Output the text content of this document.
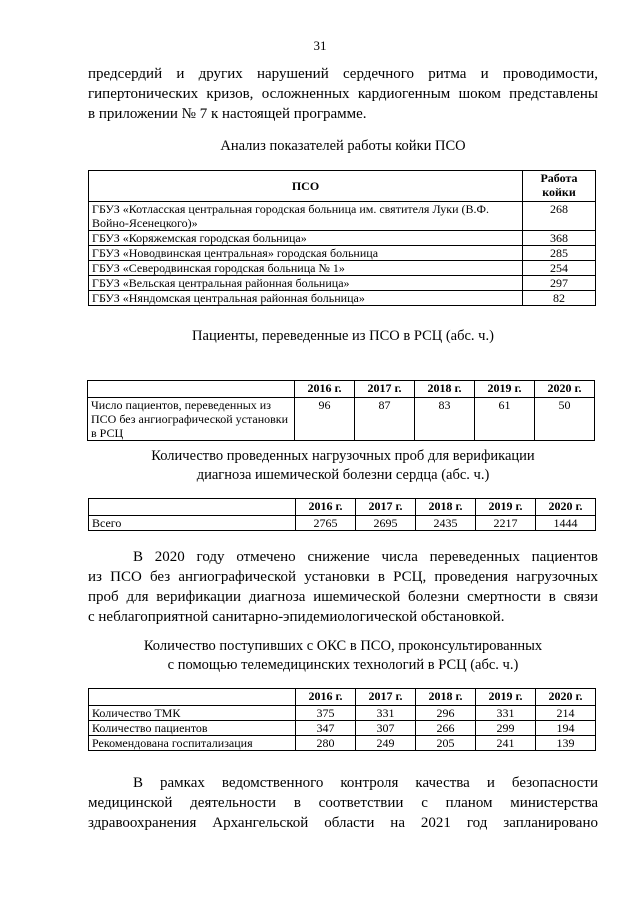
31
предсердий и других нарушений сердечного ритма и проводимости,
гипертонических кризов, осложненных кардиогенным шоком представлены
в приложении № 7 к настоящей программе.
Анализ показателей работы койки ПСО
ПСО	Работа койки
ГБУЗ «Котласская центральная городская больница им. святителя Луки (В.Ф. Войно-Ясенецкого)»	268
ГБУЗ «Коряжемская городская больница»	368
ГБУЗ «Новодвинская центральная» городская больница	285
ГБУЗ «Северодвинская городская больница № 1»	254
ГБУЗ «Вельская центральная районная больница»	297
ГБУЗ «Няндомская центральная районная больница»	82
Пациенты, переведенные из ПСО в РСЦ (абс. ч.)
	2016 г.	2017 г.	2018 г.	2019 г.	2020 г.
Число пациентов, переведенных из ПСО без ангиографической установки в РСЦ	96	87	83	61	50
Количество проведенных нагрузочных проб для верификации
диагноза ишемической болезни сердца (абс. ч.)
	2016 г.	2017 г.	2018 г.	2019 г.	2020 г.
Всего	2765	2695	2435	2217	1444
В 2020 году отмечено снижение числа переведенных пациентов
из ПСО без ангиографической установки в РСЦ, проведения нагрузочных
проб для верификации диагноза ишемической болезни смертности в связи
с неблагоприятной санитарно-эпидемиологической обстановкой.
Количество поступивших с ОКС в ПСО, проконсультированных
с помощью телемедицинских технологий в РСЦ (абс. ч.)
	2016 г.	2017 г.	2018 г.	2019 г.	2020 г.
Количество ТМК	375	331	296	331	214
Количество пациентов	347	307	266	299	194
Рекомендована госпитализация	280	249	205	241	139
В рамках ведомственного контроля качества и безопасности
медицинской деятельности в соответствии с планом министерства
здравоохранения Архангельской области на 2021 год запланировано
